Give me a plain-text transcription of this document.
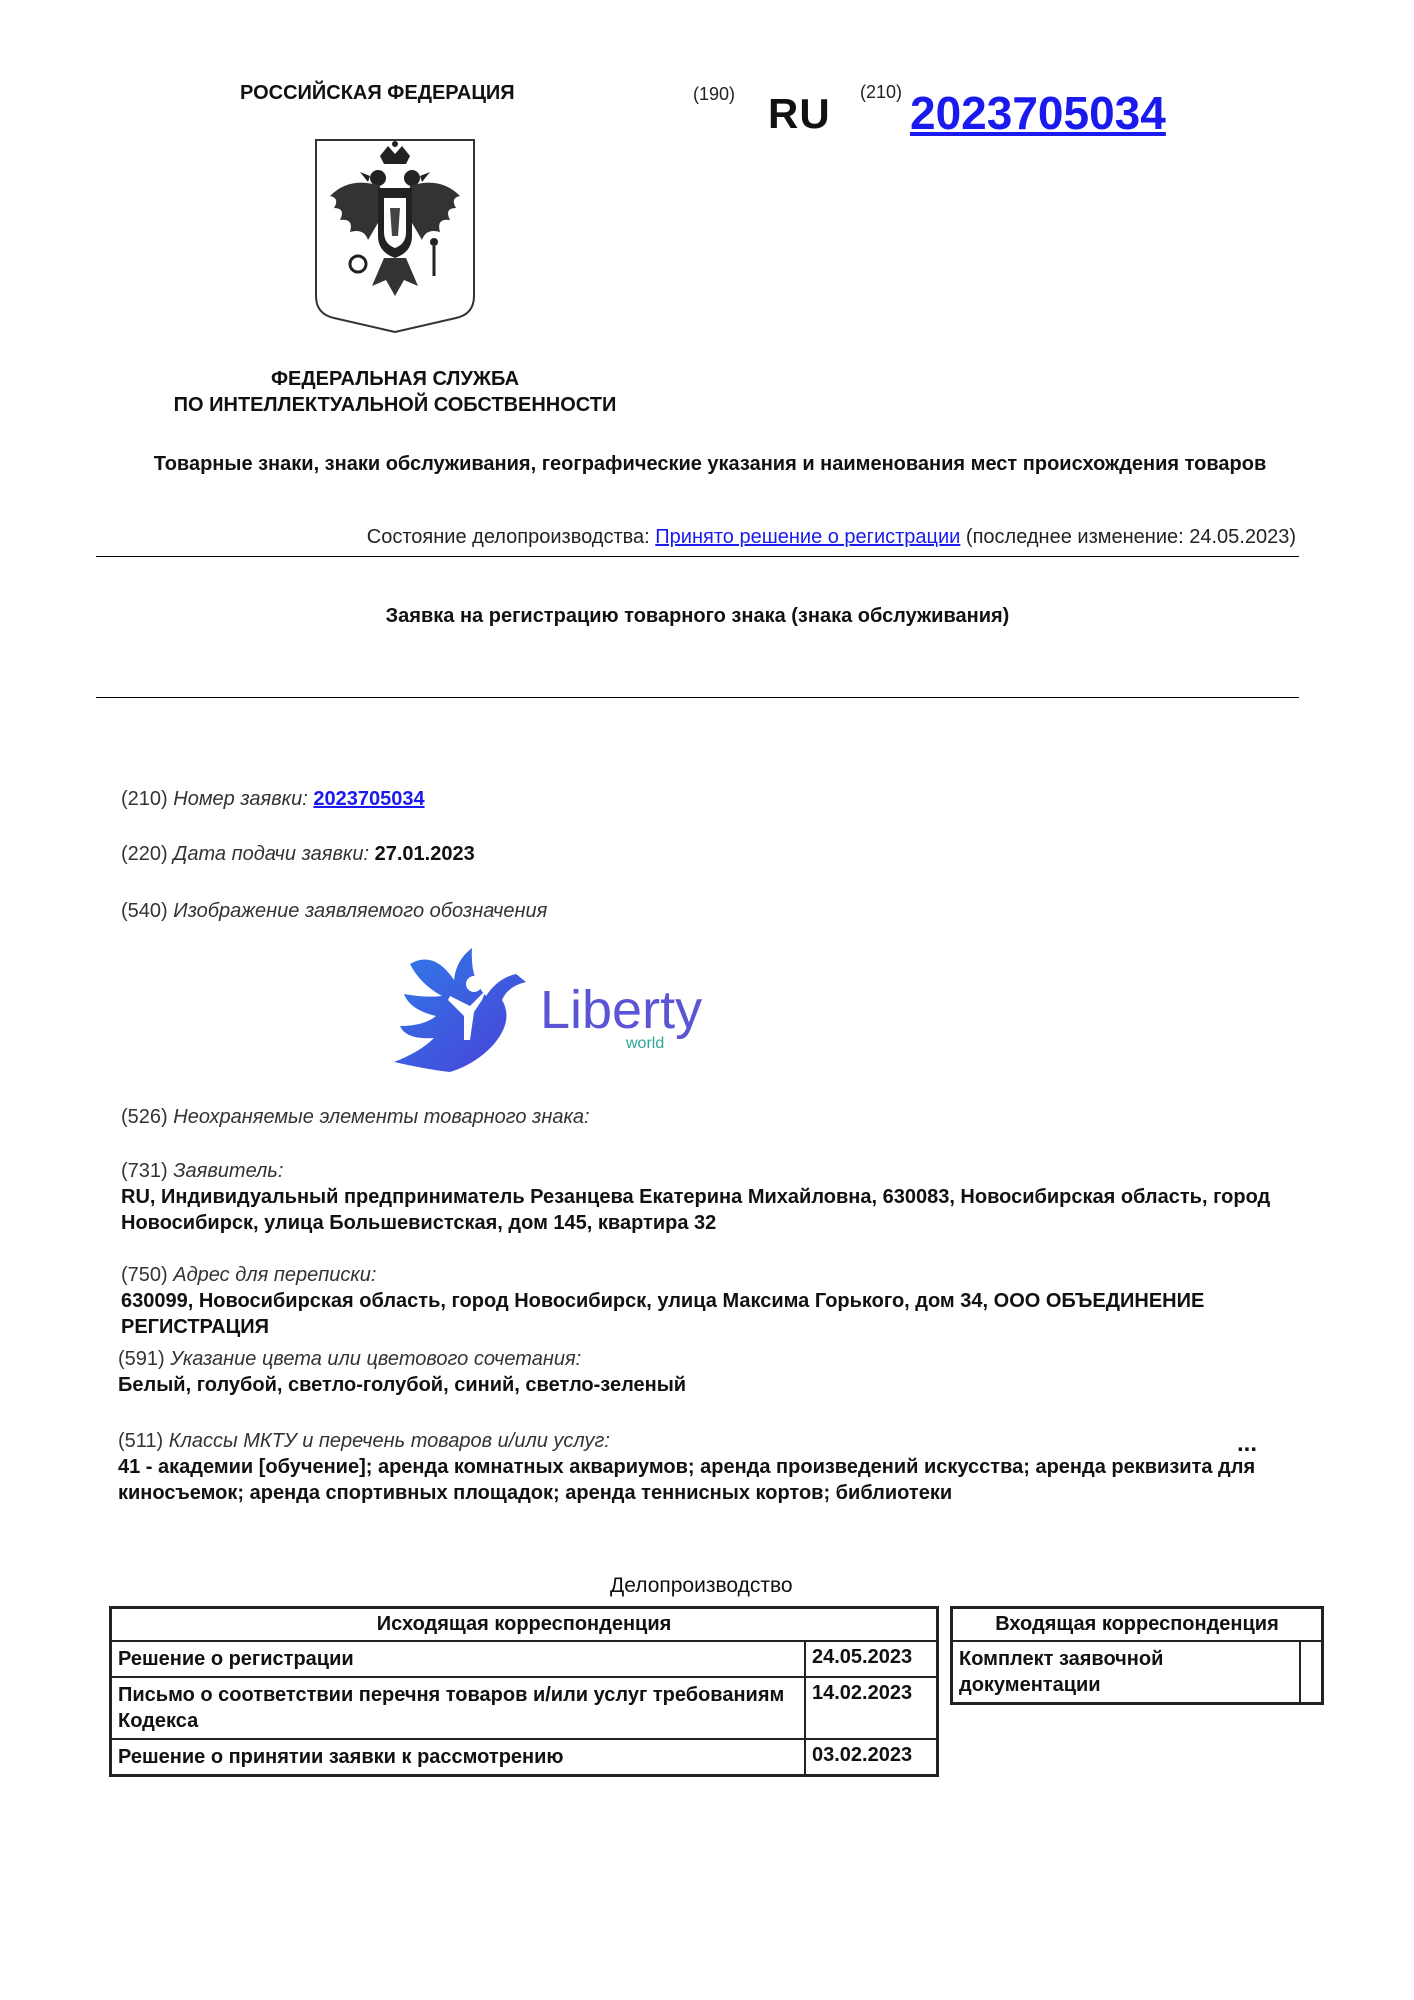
РОССИЙСКАЯ ФЕДЕРАЦИЯ	(190) RU (210) 2023705034
ФЕДЕРАЛЬНАЯ СЛУЖБА
ПО ИНТЕЛЛЕКТУАЛЬНОЙ СОБСТВЕННОСТИ
Товарные знаки, знаки обслуживания, географические указания и наименования мест происхождения товаров
Состояние делопроизводства: Принято решение о регистрации (последнее изменение: 24.05.2023)
Заявка на регистрацию товарного знака (знака обслуживания)
(210) Номер заявки: 2023705034
(220) Дата подачи заявки: 27.01.2023
(540) Изображение заявляемого обозначения
Liberty
world
(526) Неохраняемые элементы товарного знака:
(731) Заявитель:
RU, Индивидуальный предприниматель Резанцева Екатерина Михайловна, 630083, Новосибирская область, город Новосибирск, улица Большевистская, дом 145, квартира 32
(750) Адрес для переписки:
630099, Новосибирская область, город Новосибирск, улица Максима Горького, дом 34, ООО ОБЪЕДИНЕНИЕ РЕГИСТРАЦИЯ
(591) Указание цвета или цветового сочетания:
Белый, голубой, светло-голубой, синий, светло-зеленый
(511) Классы МКТУ и перечень товаров и/или услуг:
41 - академии [обучение]; аренда комнатных аквариумов; аренда произведений искусства; аренда реквизита для киносъемок; аренда спортивных площадок; аренда теннисных кортов; библиотеки
...
Делопроизводство
Исходящая корреспонденция	
Решение о регистрации	24.05.2023
Письмо о соответствии перечня товаров и/или услуг требованиям Кодекса	14.02.2023
Решение о принятии заявки к рассмотрению	03.02.2023
Входящая корреспонденция
Комплект заявочной документации	
